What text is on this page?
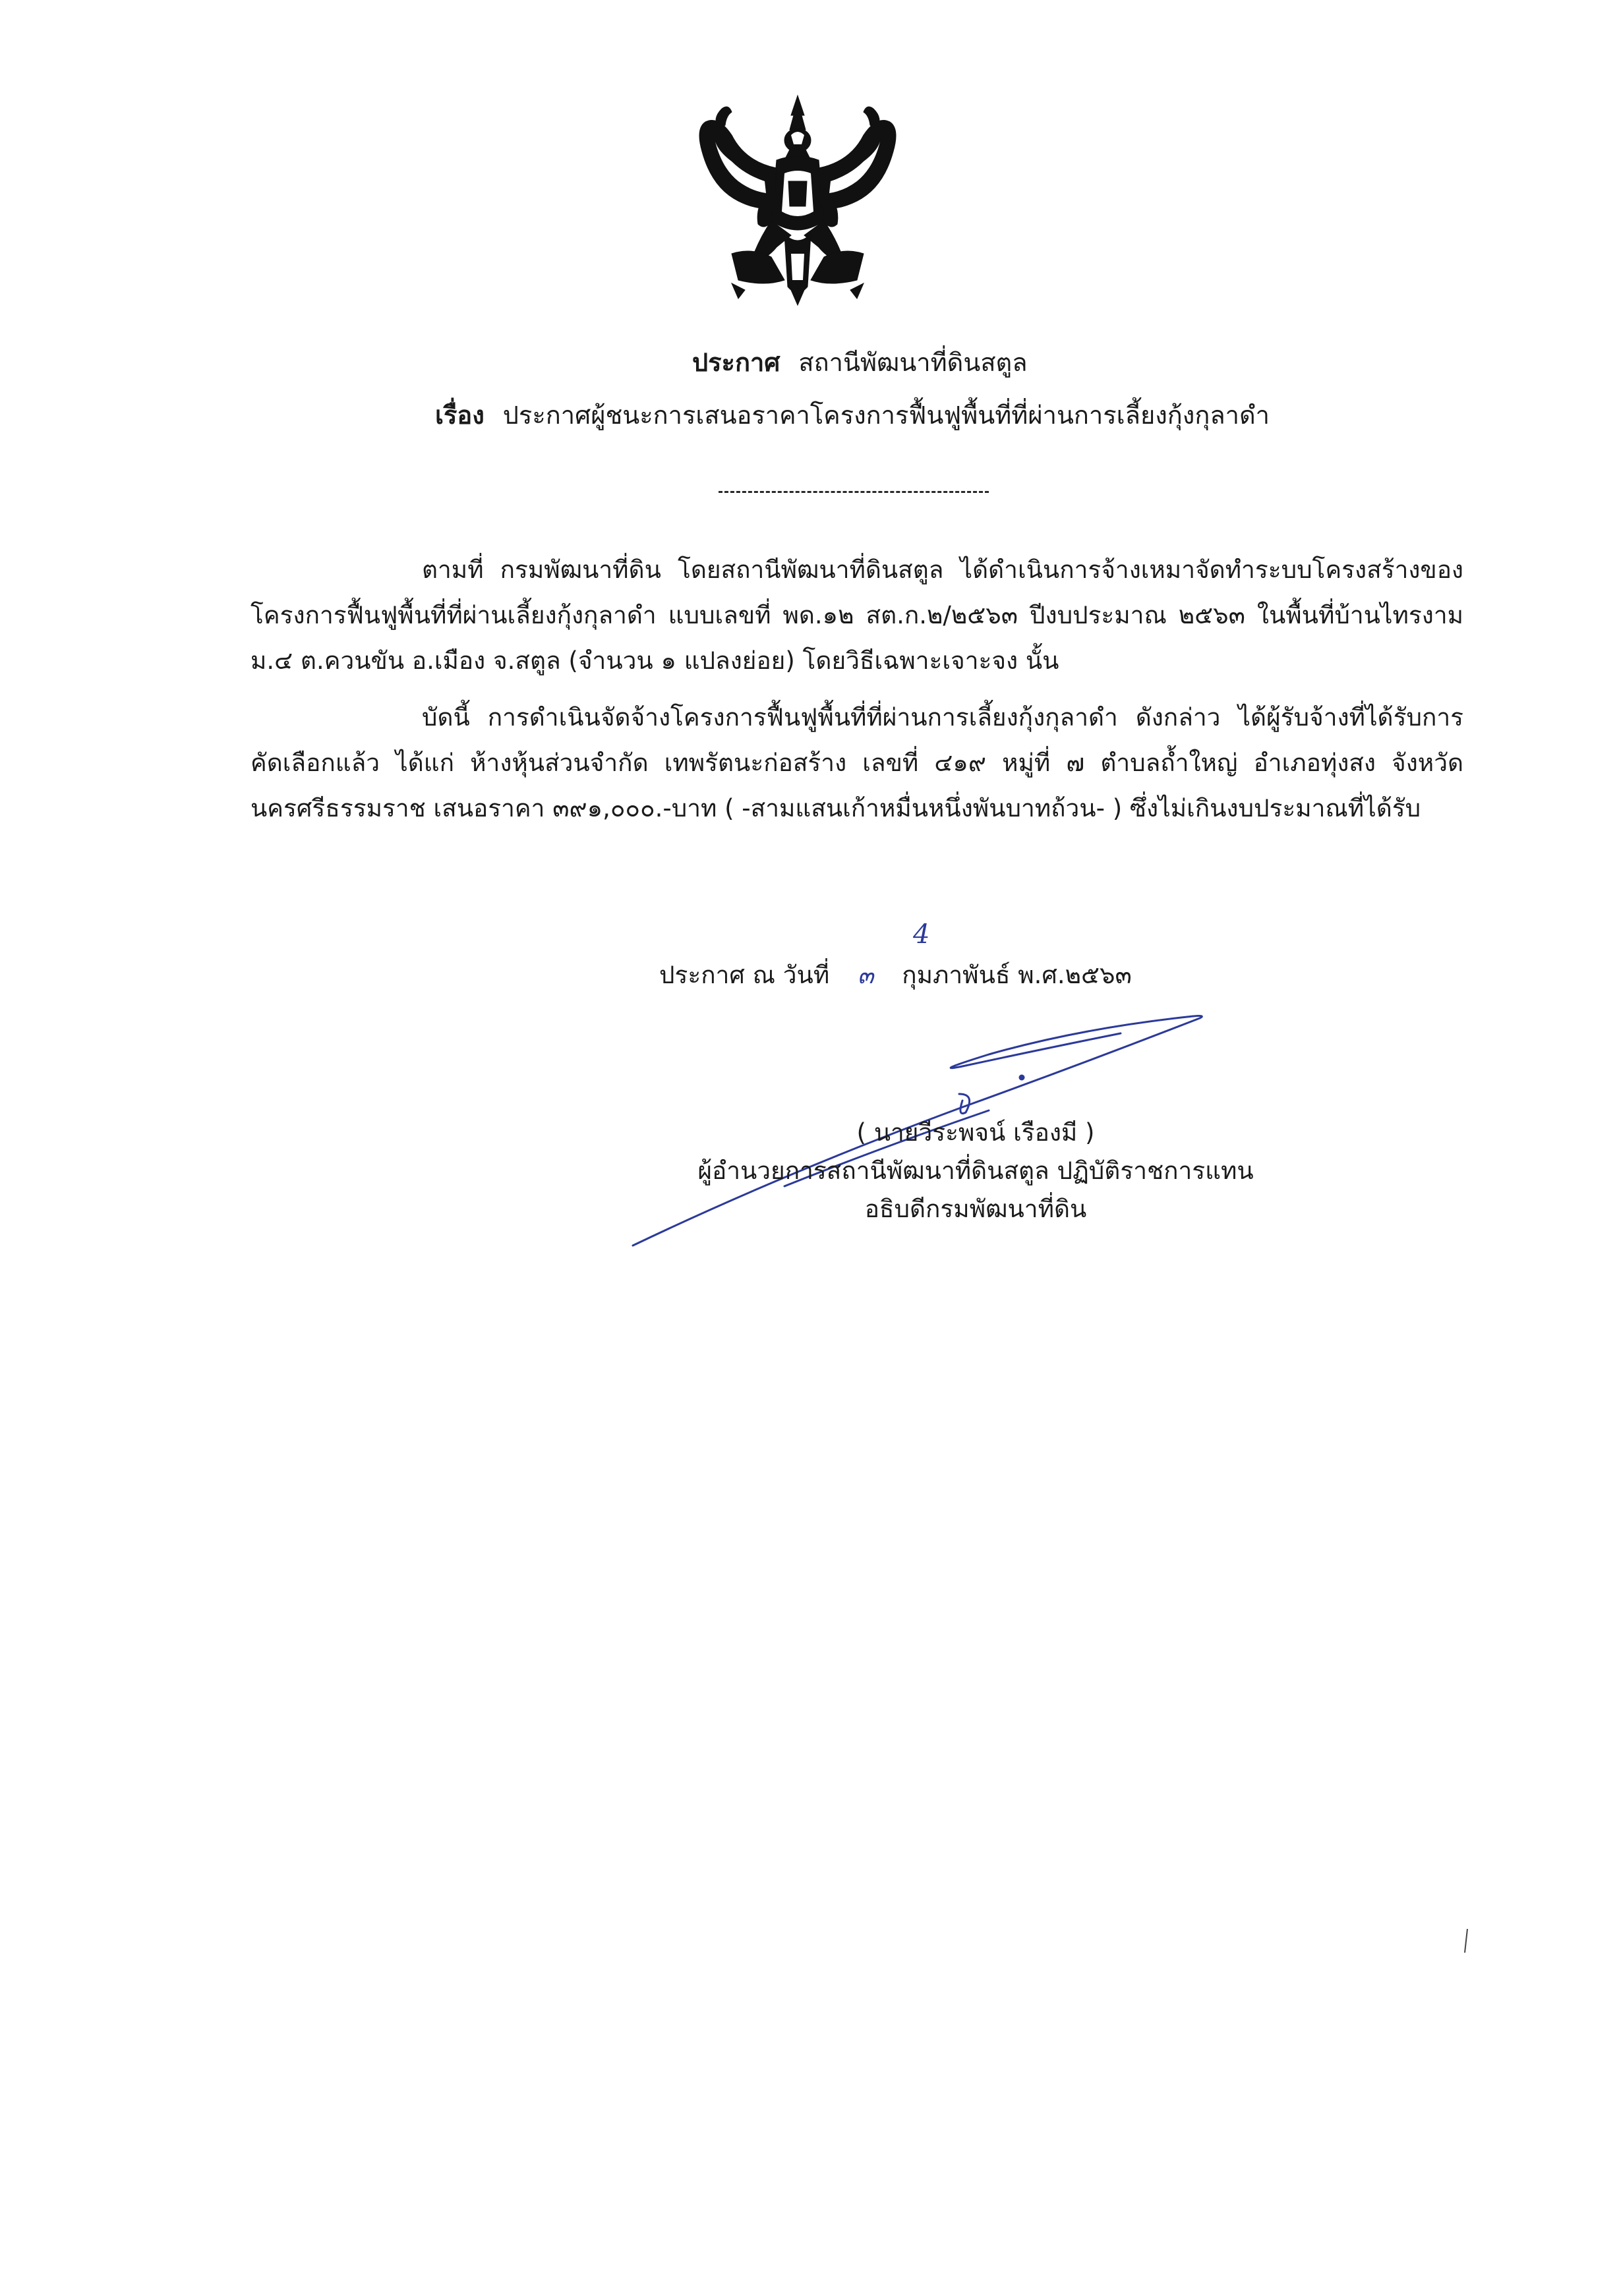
ประกาศ สถานีพัฒนาที่ดินสตูล
เรื่อง ประกาศผู้ชนะการเสนอราคาโครงการฟื้นฟูพื้นที่ที่ผ่านการเลี้ยงกุ้งกุลาดำ
ตามที่ กรมพัฒนาที่ดิน โดยสถานีพัฒนาที่ดินสตูล ได้ดำเนินการจ้างเหมาจัดทำระบบโครงสร้างของโครงการฟื้นฟูพื้นที่ที่ผ่านเลี้ยงกุ้งกุลาดำ แบบเลขที่ พด.๑๒ สต.ก.๒/๒๕๖๓ ปีงบประมาณ ๒๕๖๓ ในพื้นที่บ้านไทรงาม ม.๔ ต.ควนขัน อ.เมือง จ.สตูล (จำนวน ๑ แปลงย่อย) โดยวิธีเฉพาะเจาะจง นั้น
บัดนี้ การดำเนินจัดจ้างโครงการฟื้นฟูพื้นที่ที่ผ่านการเลี้ยงกุ้งกุลาดำ ดังกล่าว ได้ผู้รับจ้างที่ได้รับการคัดเลือกแล้ว ได้แก่ ห้างหุ้นส่วนจำกัด เทพรัตนะก่อสร้าง เลขที่ ๔๑๙ หมู่ที่ ๗ ตำบลถ้ำใหญ่ อำเภอทุ่งสง จังหวัดนครศรีธรรมราช เสนอราคา ๓๙๑,๐๐๐.-บาท ( -สามแสนเก้าหมื่นหนึ่งพันบาทถ้วน- ) ซึ่งไม่เกินงบประมาณที่ได้รับ
4
ประกาศ ณ วันที่ ๓ กุมภาพันธ์ พ.ศ.๒๕๖๓
( นายวีระพจน์ เรืองมี )
ผู้อำนวยการสถานีพัฒนาที่ดินสตูล ปฏิบัติราชการแทน
อธิบดีกรมพัฒนาที่ดิน
